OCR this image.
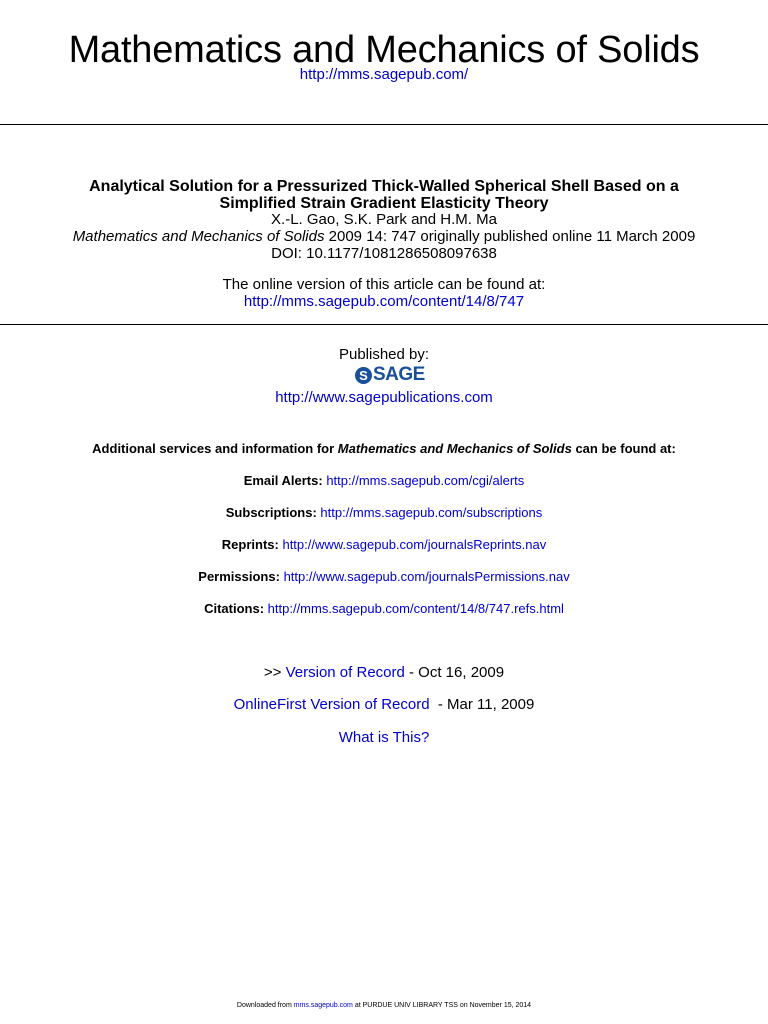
Mathematics and Mechanics of Solids
http://mms.sagepub.com/
Analytical Solution for a Pressurized Thick-Walled Spherical Shell Based on a
Simplified Strain Gradient Elasticity Theory
X.-L. Gao, S.K. Park and H.M. Ma
Mathematics and Mechanics of Solids 2009 14: 747 originally published online 11 March 2009
DOI: 10.1177/1081286508097638
The online version of this article can be found at:
http://mms.sagepub.com/content/14/8/747
Published by:
S SAGE
http://www.sagepublications.com
Additional services and information for Mathematics and Mechanics of Solids can be found at:
Email Alerts: http://mms.sagepub.com/cgi/alerts
Subscriptions: http://mms.sagepub.com/subscriptions
Reprints: http://www.sagepub.com/journalsReprints.nav
Permissions: http://www.sagepub.com/journalsPermissions.nav
Citations: http://mms.sagepub.com/content/14/8/747.refs.html
>> Version of Record - Oct 16, 2009
OnlineFirst Version of Record  - Mar 11, 2009
What is This?
Downloaded from mms.sagepub.com at PURDUE UNIV LIBRARY TSS on November 15, 2014
